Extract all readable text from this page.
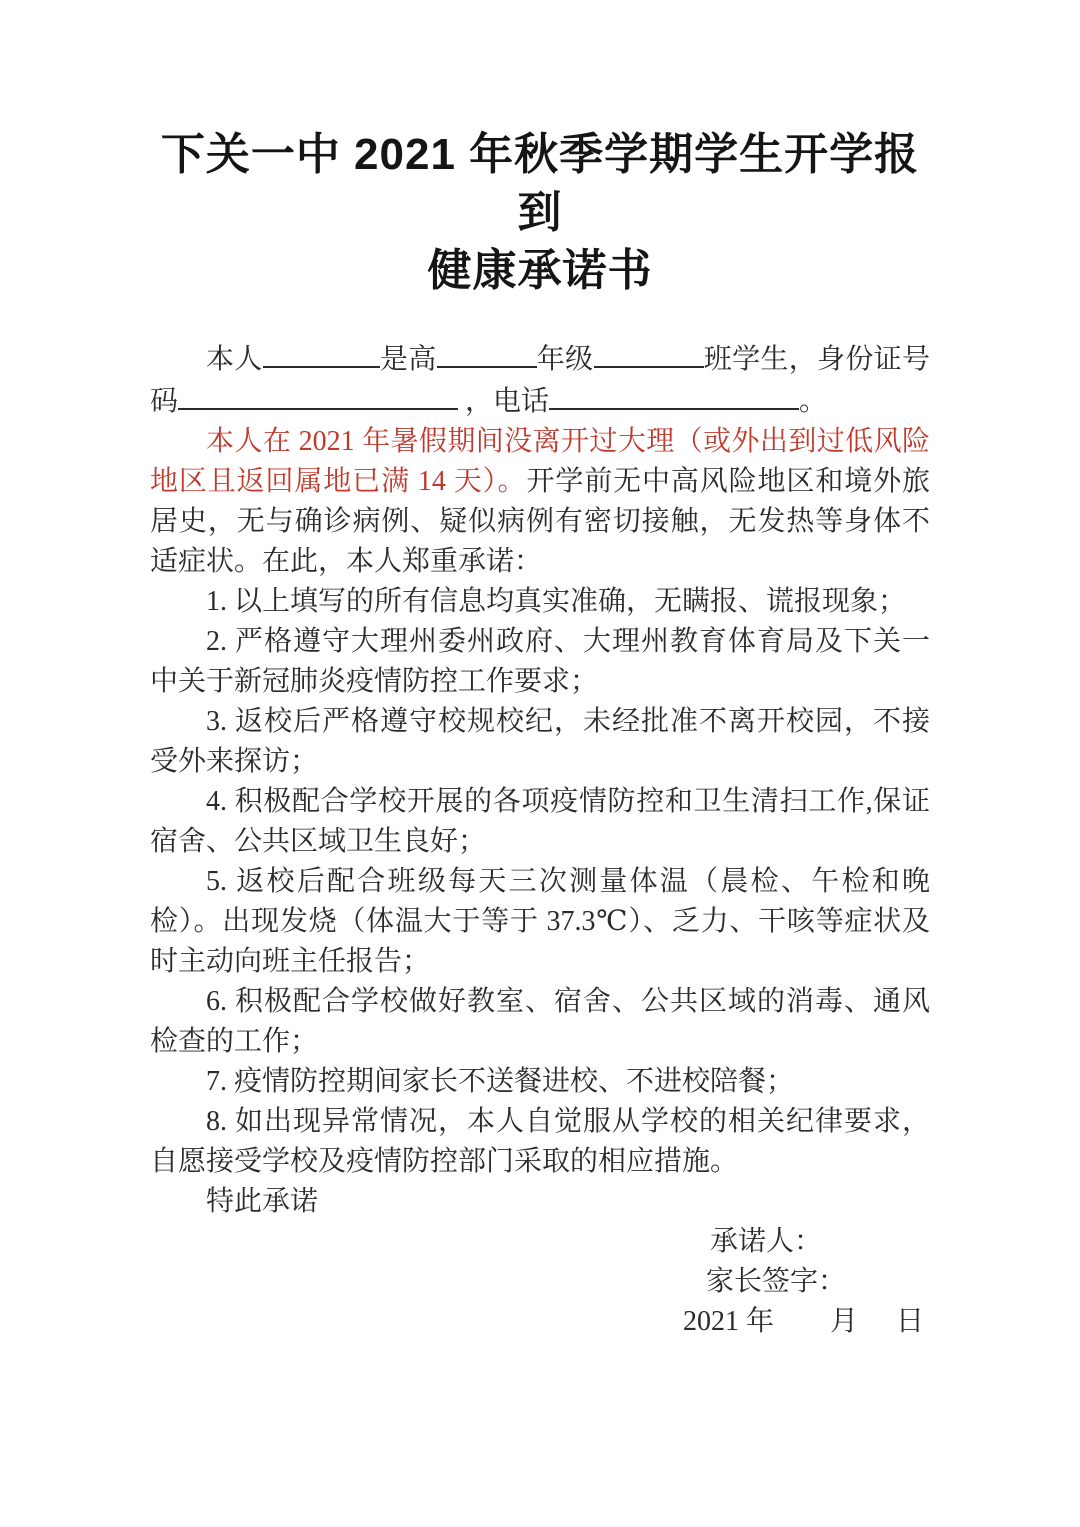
下关一中 2021 年秋季学期学生开学报到
健康承诺书

本人	是高	年级	班学生，身份证号码	，电话	。

本人在 2021 年暑假期间没离开过大理（或外出到过低风险地区且返回属地已满 14 天）。开学前无中高风险地区和境外旅居史，无与确诊病例、疑似病例有密切接触，无发热等身体不适症状。在此，本人郑重承诺：

1. 以上填写的所有信息均真实准确，无瞒报、谎报现象；

2. 严格遵守大理州委州政府、大理州教育体育局及下关一中关于新冠肺炎疫情防控工作要求；

3. 返校后严格遵守校规校纪，未经批准不离开校园，不接受外来探访；

4. 积极配合学校开展的各项疫情防控和卫生清扫工作,保证宿舍、公共区域卫生良好；

5. 返校后配合班级每天三次测量体温（晨检、午检和晚检）。出现发烧（体温大于等于 37.3℃）、乏力、干咳等症状及时主动向班主任报告；

6. 积极配合学校做好教室、宿舍、公共区域的消毒、通风检查的工作；

7. 疫情防控期间家长不送餐进校、不进校陪餐；

8. 如出现异常情况，本人自觉服从学校的相关纪律要求，自愿接受学校及疫情防控部门采取的相应措施。

特此承诺

承诺人：

家长签字：

2021 年 月 日
